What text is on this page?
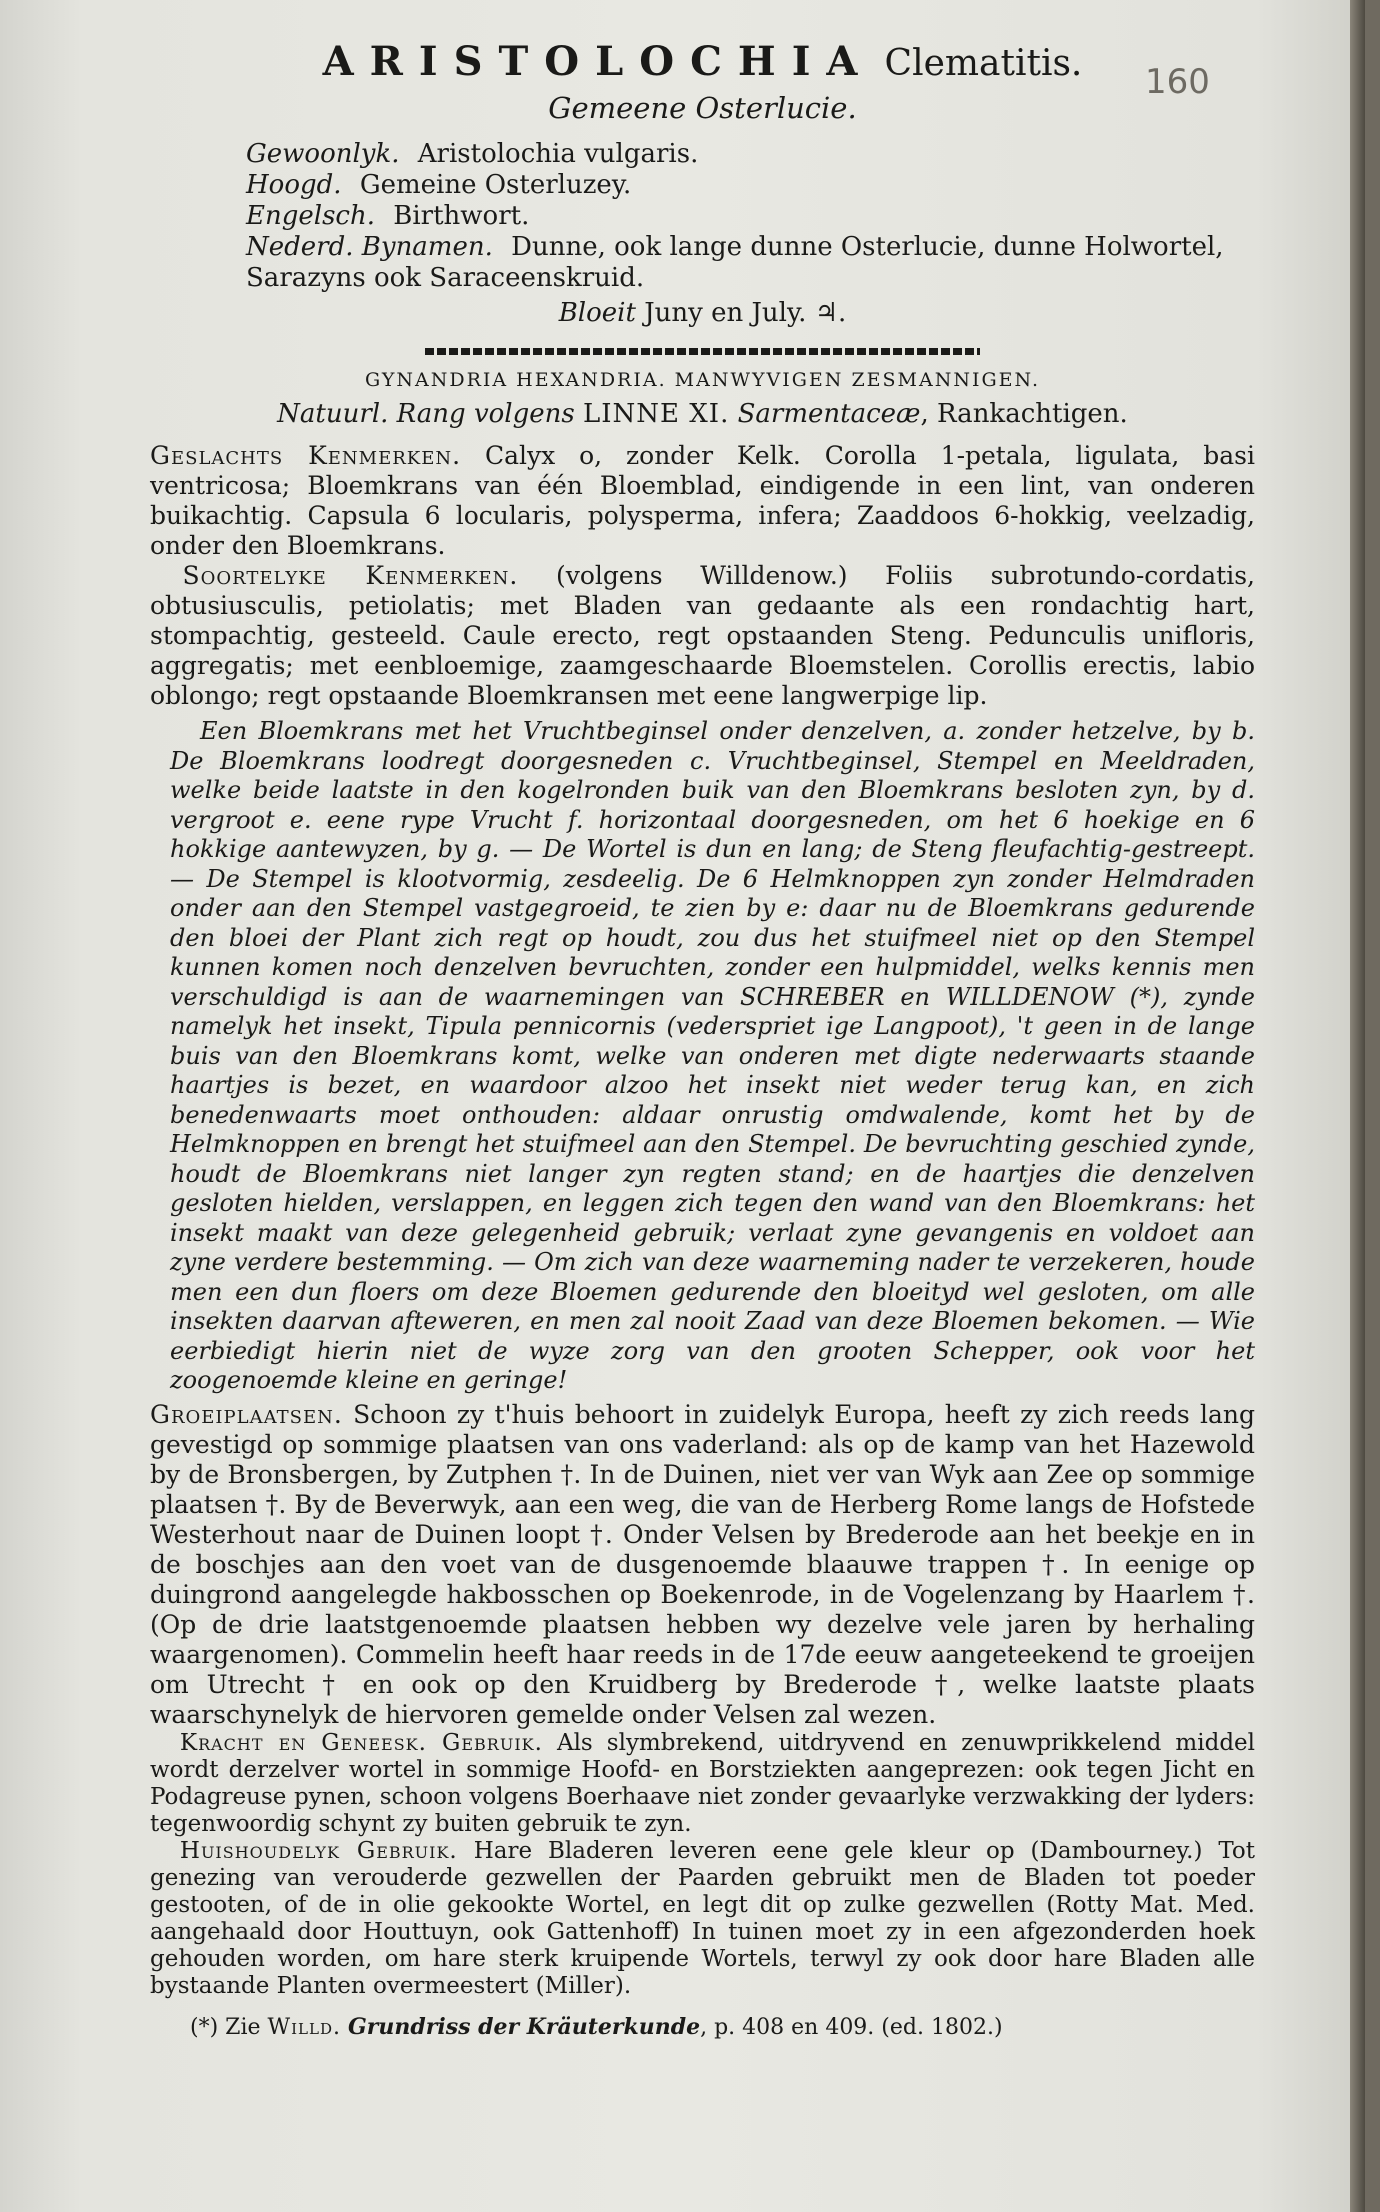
160
ARISTOLOCHIA Clematitis.
Gemeene Osterlucie.
Gewoonlyk. Aristolochia vulgaris.
Hoogd. Gemeine Osterluzey.
Engelsch. Birthwort.
Nederd. Bynamen. Dunne, ook lange dunne Osterlucie, dunne Holwortel, Sarazyns ook Saraceenskruid.
Bloeit Juny en July. ♃.
GYNANDRIA HEXANDRIA. MANWYVIGEN ZESMANNIGEN.
Natuurl. Rang volgens LINNE XI. Sarmentaceæ, Rankachtigen.

Geslachts Kenmerken. Calyx o, zonder Kelk. Corolla 1-petala, ligulata, basi ventricosa; Bloemkrans van één Bloemblad, eindigende in een lint, van onderen buikachtig. Capsula 6 locularis, polysperma, infera; Zaaddoos 6-hokkig, veelzadig, onder den Bloemkrans.

Soortelyke Kenmerken. (volgens Willdenow.) Foliis subrotundo-cordatis, obtusiusculis, petiolatis; met Bladen van gedaante als een rondachtig hart, stompachtig, gesteeld. Caule erecto, regt opstaanden Steng. Pedunculis unifloris, aggregatis; met eenbloemige, zaamgeschaarde Bloemstelen. Corollis erectis, labio oblongo; regt opstaande Bloemkransen met eene langwerpige lip.

Een Bloemkrans met het Vruchtbeginsel onder denzelven, a. zonder hetzelve, by b. De Bloemkrans loodregt doorgesneden c. Vruchtbeginsel, Stempel en Meeldraden, welke beide laatste in den kogelronden buik van den Bloemkrans besloten zyn, by d. vergroot e. eene rype Vrucht f. horizontaal doorgesneden, om het 6 hoekige en 6 hokkige aantewyzen, by g. — De Wortel is dun en lang; de Steng fleufachtig-gestreept. — De Stempel is klootvormig, zesdeelig. De 6 Helmknoppen zyn zonder Helmdraden onder aan den Stempel vastgegroeid, te zien by e: daar nu de Bloemkrans gedurende den bloei der Plant zich regt op houdt, zou dus het stuifmeel niet op den Stempel kunnen komen noch denzelven bevruchten, zonder een hulpmiddel, welks kennis men verschuldigd is aan de waarnemingen van SCHREBER en WILLDENOW (*), zynde namelyk het insekt, Tipula pennicornis (vederspriet ige Langpoot), 't geen in de lange buis van den Bloemkrans komt, welke van onderen met digte nederwaarts staande haartjes is bezet, en waardoor alzoo het insekt niet weder terug kan, en zich benedenwaarts moet onthouden: aldaar onrustig omdwalende, komt het by de Helmknoppen en brengt het stuifmeel aan den Stempel. De bevruchting geschied zynde, houdt de Bloemkrans niet langer zyn regten stand; en de haartjes die denzelven gesloten hielden, verslappen, en leggen zich tegen den wand van den Bloemkrans: het insekt maakt van deze gelegenheid gebruik; verlaat zyne gevangenis en voldoet aan zyne verdere bestemming. — Om zich van deze waarneming nader te verzekeren, houde men een dun floers om deze Bloemen gedurende den bloeityd wel gesloten, om alle insekten daarvan afteweren, en men zal nooit Zaad van deze Bloemen bekomen. — Wie eerbiedigt hierin niet de wyze zorg van den grooten Schepper, ook voor het zoogenoemde kleine en geringe!

Groeiplaatsen. Schoon zy t'huis behoort in zuidelyk Europa, heeft zy zich reeds lang gevestigd op sommige plaatsen van ons vaderland: als op de kamp van het Hazewold by de Bronsbergen, by Zutphen †. In de Duinen, niet ver van Wyk aan Zee op sommige plaatsen †. By de Beverwyk, aan een weg, die van de Herberg Rome langs de Hofstede Westerhout naar de Duinen loopt †. Onder Velsen by Brederode aan het beekje en in de boschjes aan den voet van de dusgenoemde blaauwe trappen †. In eenige op duingrond aangelegde hakbosschen op Boekenrode, in de Vogelenzang by Haarlem †. (Op de drie laatstgenoemde plaatsen hebben wy dezelve vele jaren by herhaling waargenomen). Commelin heeft haar reeds in de 17de eeuw aangeteekend te groeijen om Utrecht † en ook op den Kruidberg by Brederode †, welke laatste plaats waarschynelyk de hiervoren gemelde onder Velsen zal wezen.

Kracht en Geneesk. Gebruik. Als slymbrekend, uitdryvend en zenuwprikkelend middel wordt derzelver wortel in sommige Hoofd- en Borstziekten aangeprezen: ook tegen Jicht en Podagreuse pynen, schoon volgens Boerhaave niet zonder gevaarlyke verzwakking der lyders: tegenwoordig schynt zy buiten gebruik te zyn.

Huishoudelyk Gebruik. Hare Bladeren leveren eene gele kleur op (Dambourney.) Tot genezing van verouderde gezwellen der Paarden gebruikt men de Bladen tot poeder gestooten, of de in olie gekookte Wortel, en legt dit op zulke gezwellen (Rotty Mat. Med. aangehaald door Houttuyn, ook Gattenhoff) In tuinen moet zy in een afgezonderden hoek gehouden worden, om hare sterk kruipende Wortels, terwyl zy ook door hare Bladen alle bystaande Planten overmeestert (Miller).

(*) Zie Willd. Grundriss der Kräuterkunde, p. 408 en 409. (ed. 1802.)
